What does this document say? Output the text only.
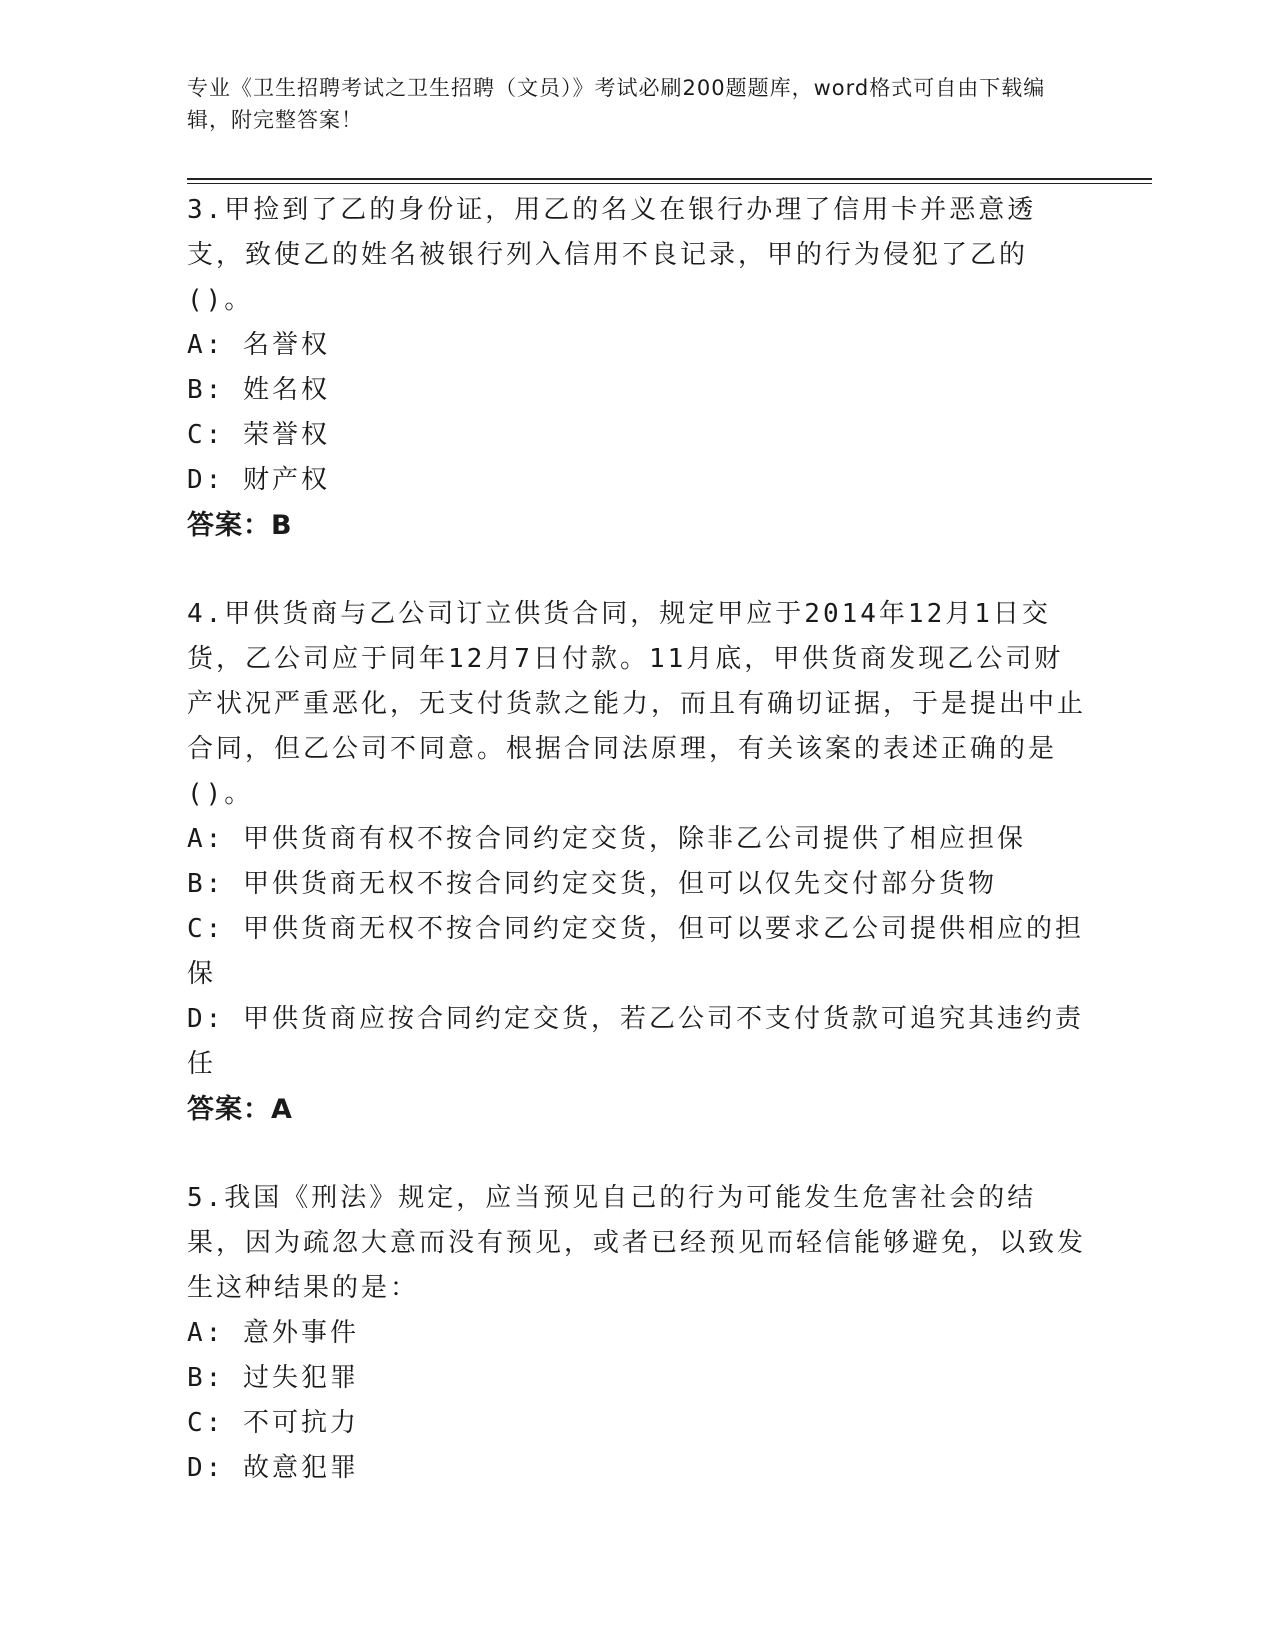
专业《卫生招聘考试之卫生招聘（文员）》考试必刷200题题库，word格式可自由下载编辑，附完整答案！

3.甲捡到了乙的身份证，用乙的名义在银行办理了信用卡并恶意透支，致使乙的姓名被银行列入信用不良记录，甲的行为侵犯了乙的()。

A: 名誉权

B: 姓名权

C: 荣誉权

D: 财产权

答案：B

4.甲供货商与乙公司订立供货合同，规定甲应于2014年12月1日交货，乙公司应于同年12月7日付款。11月底，甲供货商发现乙公司财产状况严重恶化，无支付货款之能力，而且有确切证据，于是提出中止合同，但乙公司不同意。根据合同法原理，有关该案的表述正确的是()。

A: 甲供货商有权不按合同约定交货，除非乙公司提供了相应担保

B: 甲供货商无权不按合同约定交货，但可以仅先交付部分货物

C: 甲供货商无权不按合同约定交货，但可以要求乙公司提供相应的担保

D: 甲供货商应按合同约定交货，若乙公司不支付货款可追究其违约责任

答案：A

5.我国《刑法》规定，应当预见自己的行为可能发生危害社会的结果，因为疏忽大意而没有预见，或者已经预见而轻信能够避免，以致发生这种结果的是：

A: 意外事件

B: 过失犯罪

C: 不可抗力

D: 故意犯罪
